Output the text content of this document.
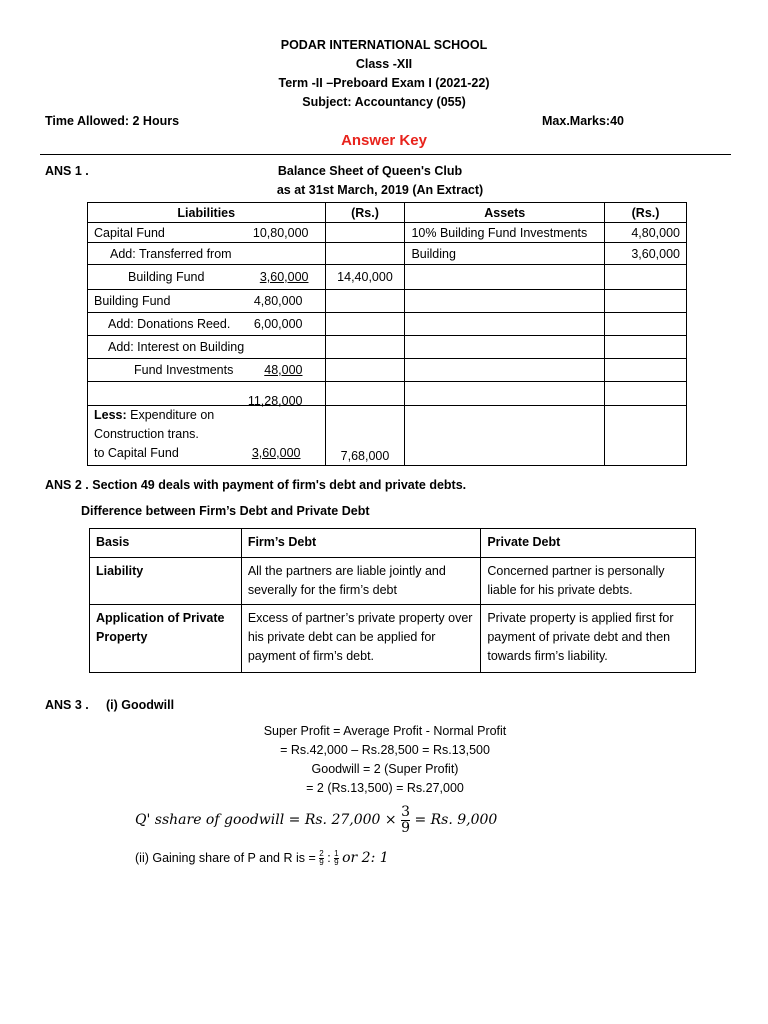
PODAR INTERNATIONAL SCHOOL
Class -XII
Term -II –Preboard Exam I (2021-22)
Subject: Accountancy (055)
Time Allowed: 2 Hours	Max.Marks:40
Answer Key
ANS 1 .	Balance Sheet of Queen's Club
as at 31st March, 2019 (An Extract)
Liabilities	(Rs.)	Assets	(Rs.)
Capital Fund 10,80,000		10% Building Fund Investments	4,80,000
Add: Transferred from		Building	3,60,000
Building Fund 3,60,000	14,40,000		
Building Fund 4,80,000			

Add: Donations Reed. 6,00,000			

Add: Interest on Building

Fund Investments 48,000			

11,28,000			

Less: Expenditure on
Construction trans.
to Capital Fund 3,60,000	7,68,000		
ANS 2 . Section 49 deals with payment of firm's debt and private debts.
Difference between Firm’s Debt and Private Debt
Basis	Firm’s Debt	Private Debt
Liability	All the partners are liable jointly and severally for the firm’s debt	Concerned partner is personally liable for his private debts.
Application of Private Property	Excess of partner’s private property over his private debt can be applied for payment of firm’s debt.	Private property is applied first for payment of private debt and then towards firm’s liability.
ANS 3 . (i) Goodwill
Super Profit = Average Profit - Normal Profit
= Rs.42,000 – Rs.28,500 = Rs.13,500
Goodwill = 2 (Super Profit)
= 2 (Rs.13,500) = Rs.27,000
Q' sshare of goodwill = Rs. $27,000 \times \frac{3}{9} = Rs$. 9,000
(ii) Gaining share of P and R is = $\frac{2}{9}$ : $\frac{1}{9}$ or 2: 1
